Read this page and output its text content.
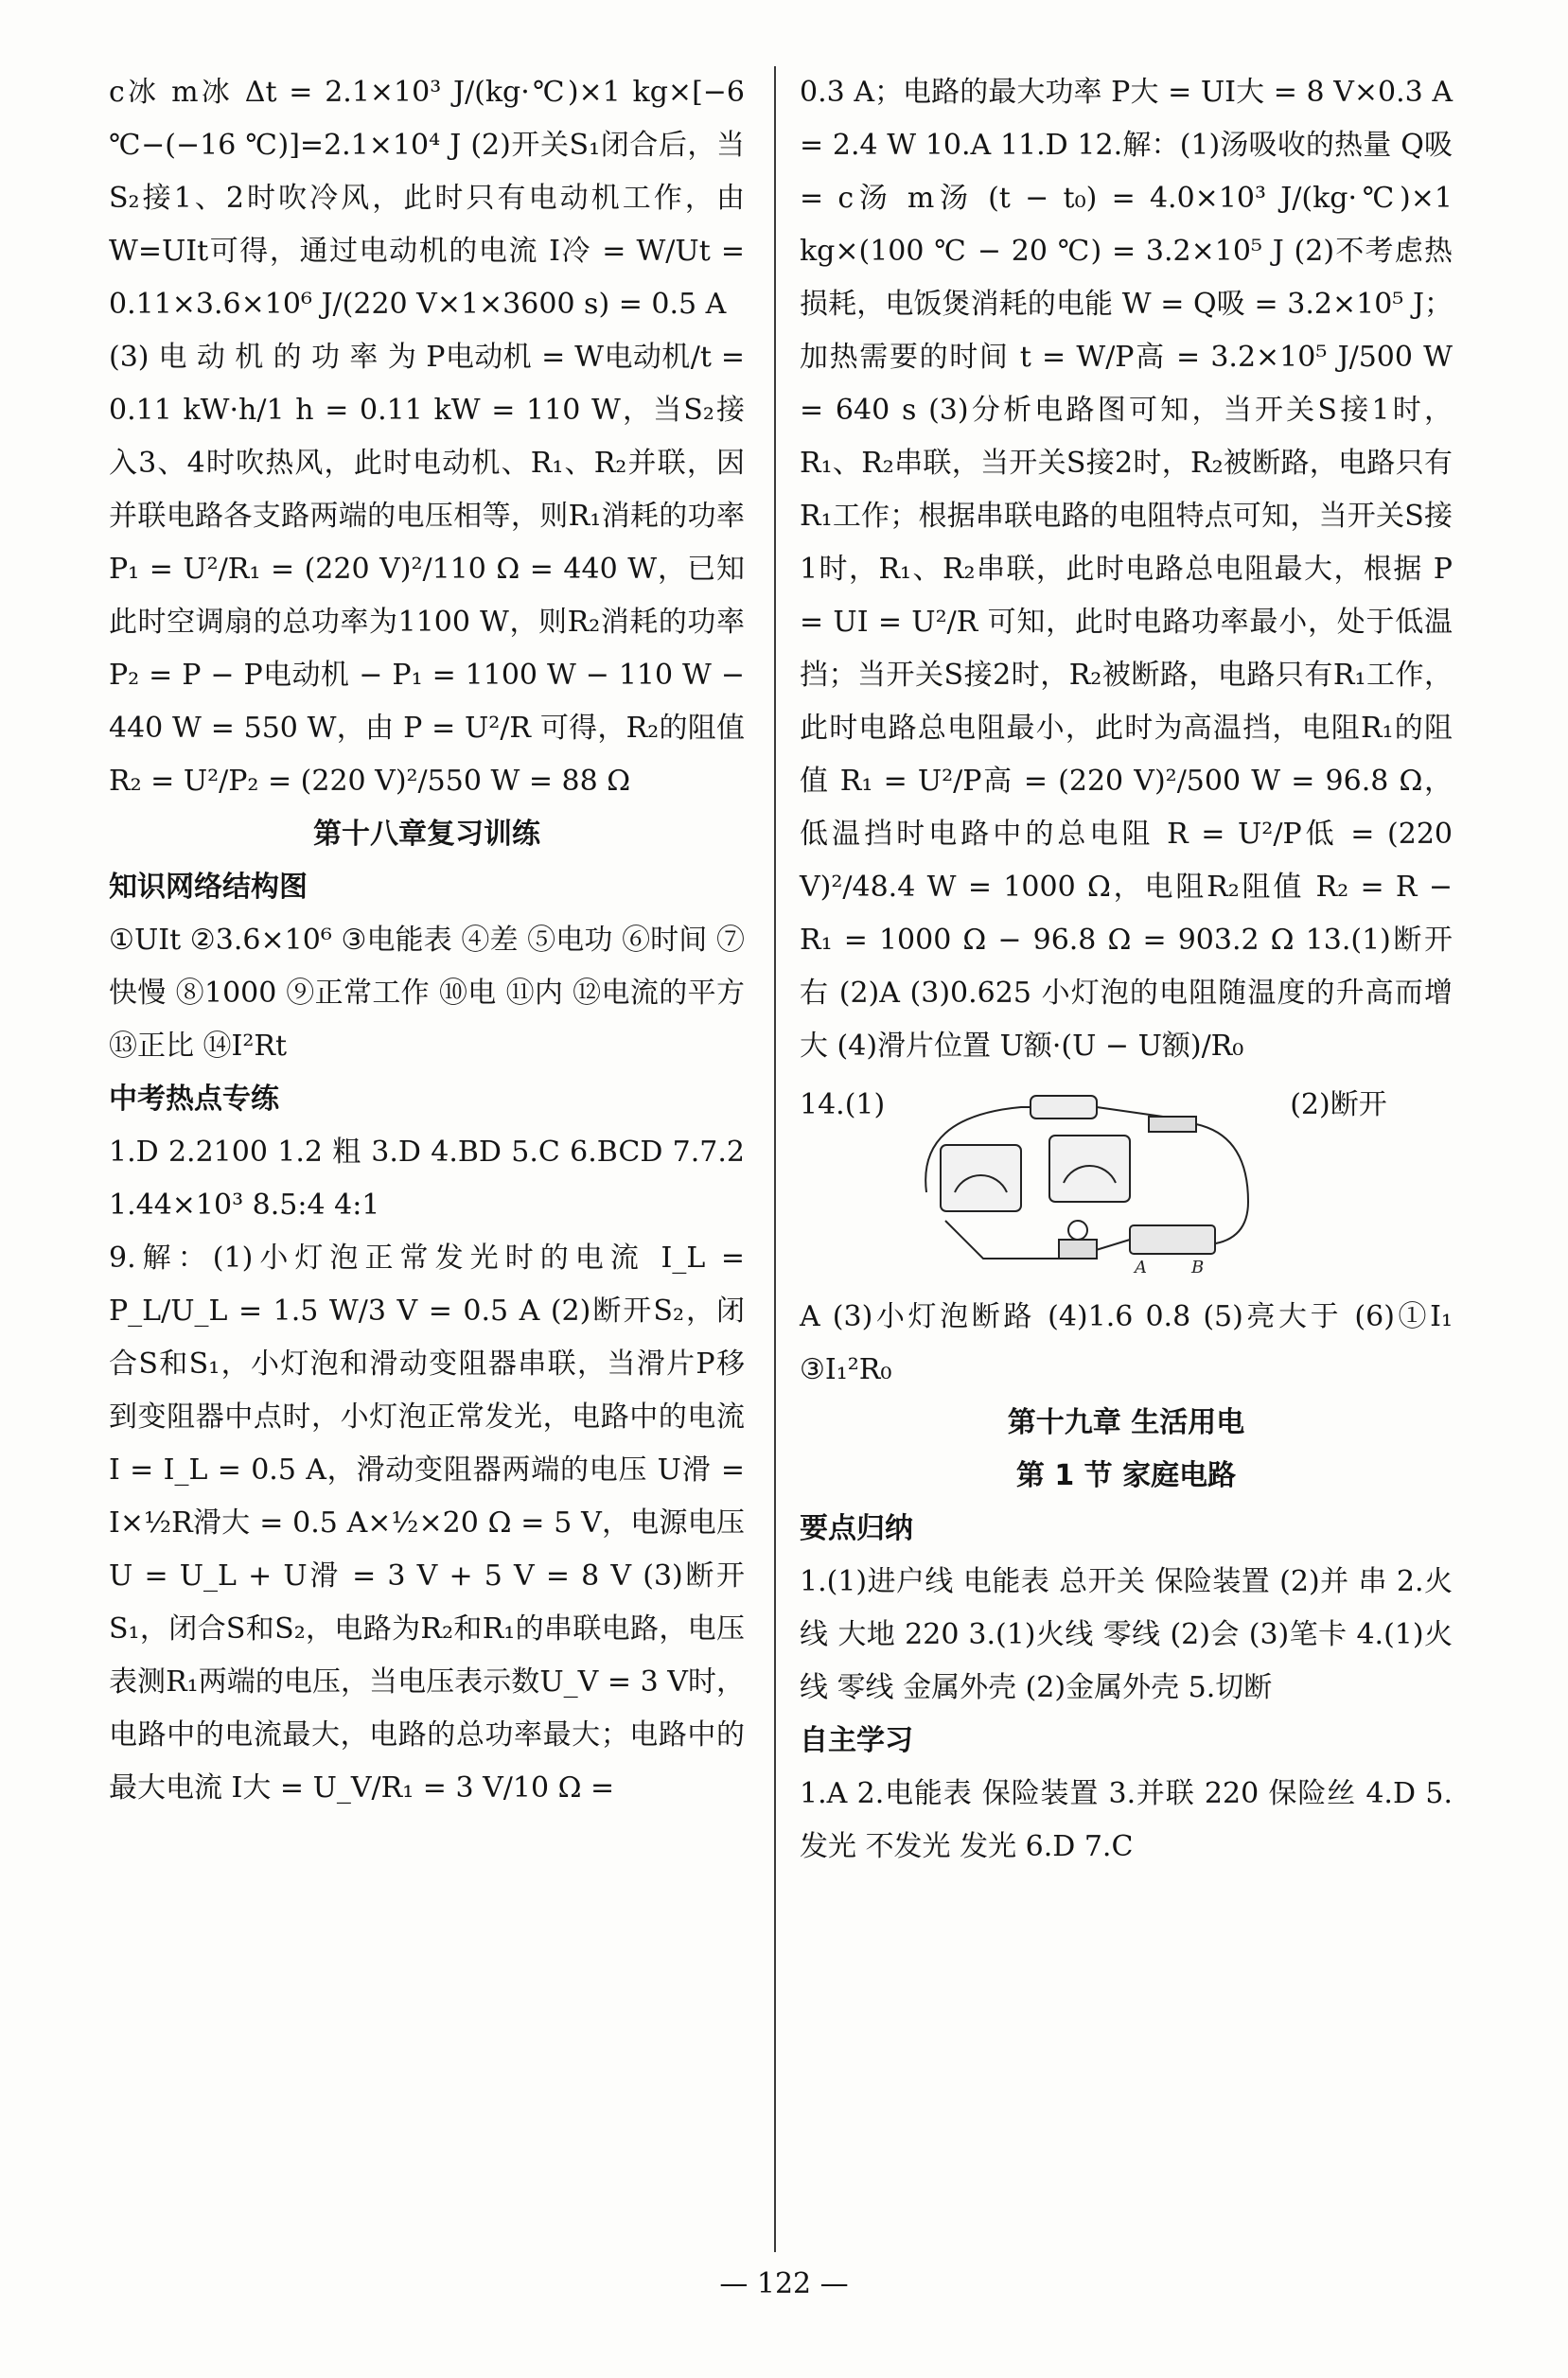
c冰 m冰 Δt = 2.1×10³ J/(kg·℃)×1 kg×[−6 ℃−(−16 ℃)]=2.1×10⁴ J (2)开关S₁闭合后，当S₂接1、2时吹冷风，此时只有电动机工作，由W=UIt可得，通过电动机的电流 I冷 = W/Ut = 0.11×3.6×10⁶ J/(220 V×1×3600 s) = 0.5 A

(3) 电 动 机 的 功 率 为 P电动机 = W电动机/t = 0.11 kW·h/1 h = 0.11 kW = 110 W，当S₂接入3、4时吹热风，此时电动机、R₁、R₂并联，因并联电路各支路两端的电压相等，则R₁消耗的功率 P₁ = U²/R₁ = (220 V)²/110 Ω = 440 W，已知此时空调扇的总功率为1100 W，则R₂消耗的功率 P₂ = P − P电动机 − P₁ = 1100 W − 110 W − 440 W = 550 W，由 P = U²/R 可得，R₂的阻值 R₂ = U²/P₂ = (220 V)²/550 W = 88 Ω

第十八章复习训练
知识网络结构图

①UIt ②3.6×10⁶ ③电能表 ④差 ⑤电功 ⑥时间 ⑦快慢 ⑧1000 ⑨正常工作 ⑩电 ⑪内 ⑫电流的平方 ⑬正比 ⑭I²Rt

中考热点专练

1.D 2.2100 1.2 粗 3.D 4.BD 5.C 6.BCD 7.7.2 1.44×10³ 8.5:4 4:1

9.解：(1)小灯泡正常发光时的电流 I_L = P_L/U_L = 1.5 W/3 V = 0.5 A (2)断开S₂，闭合S和S₁，小灯泡和滑动变阻器串联，当滑片P移到变阻器中点时，小灯泡正常发光，电路中的电流 I = I_L = 0.5 A，滑动变阻器两端的电压 U滑 = I×½R滑大 = 0.5 A×½×20 Ω = 5 V，电源电压 U = U_L + U滑 = 3 V + 5 V = 8 V (3)断开S₁，闭合S和S₂，电路为R₂和R₁的串联电路，电压表测R₁两端的电压，当电压表示数U_V = 3 V时，电路中的电流最大，电路的总功率最大；电路中的最大电流 I大 = U_V/R₁ = 3 V/10 Ω =

0.3 A；电路的最大功率 P大 = UI大 = 8 V×0.3 A = 2.4 W 10.A 11.D 12.解：(1)汤吸收的热量 Q吸 = c汤 m汤 (t − t₀) = 4.0×10³ J/(kg·℃)×1 kg×(100 ℃ − 20 ℃) = 3.2×10⁵ J (2)不考虑热损耗，电饭煲消耗的电能 W = Q吸 = 3.2×10⁵ J；加热需要的时间 t = W/P高 = 3.2×10⁵ J/500 W = 640 s (3)分析电路图可知，当开关S接1时，R₁、R₂串联，当开关S接2时，R₂被断路，电路只有R₁工作；根据串联电路的电阻特点可知，当开关S接1时，R₁、R₂串联，此时电路总电阻最大，根据 P = UI = U²/R 可知，此时电路功率最小，处于低温挡；当开关S接2时，R₂被断路，电路只有R₁工作，此时电路总电阻最小，此时为高温挡，电阻R₁的阻值 R₁ = U²/P高 = (220 V)²/500 W = 96.8 Ω，低温挡时电路中的总电阻 R = U²/P低 = (220 V)²/48.4 W = 1000 Ω，电阻R₂阻值 R₂ = R − R₁ = 1000 Ω − 96.8 Ω = 903.2 Ω 13.(1)断开 右 (2)A (3)0.625 小灯泡的电阻随温度的升高而增大 (4)滑片位置 U额·(U − U额)/R₀

14.(1)
A	B
(2)断开

A (3)小灯泡断路 (4)1.6 0.8 (5)亮大于 (6)①I₁ ③I₁²R₀

第十九章 生活用电
第 1 节 家庭电路
要点归纳

1.(1)进户线 电能表 总开关 保险装置 (2)并 串 2.火线 大地 220 3.(1)火线 零线 (2)会 (3)笔卡 4.(1)火线 零线 金属外壳 (2)金属外壳 5.切断

自主学习

1.A 2.电能表 保险装置 3.并联 220 保险丝 4.D 5.发光 不发光 发光 6.D 7.C

— 122 —
